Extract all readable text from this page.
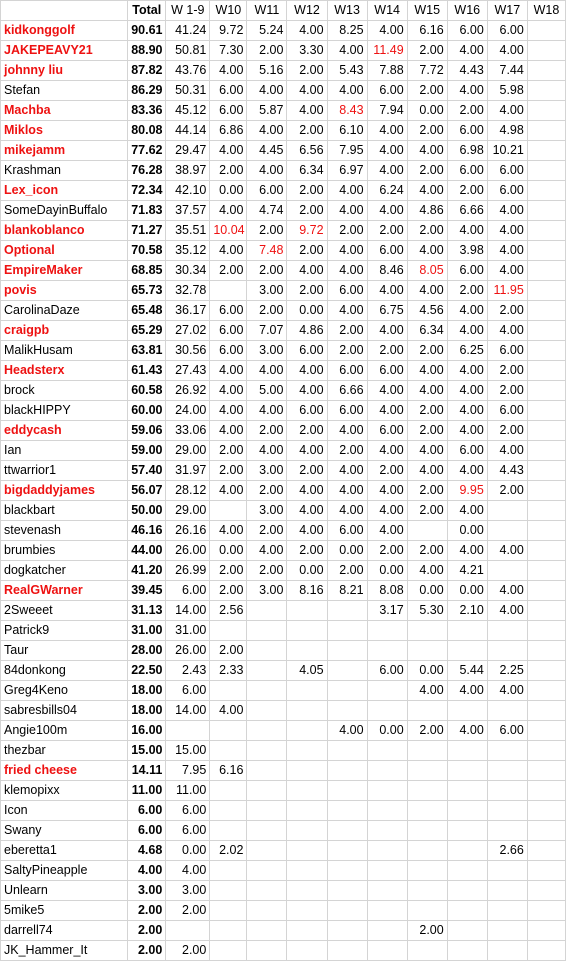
	Total	W 1-9	W10	W11	W12	W13	W14	W15	W16	W17	W18
kidkonggolf	90.61	41.24	9.72	5.24	4.00	8.25	4.00	6.16	6.00	6.00	
JAKEPEAVY21	88.90	50.81	7.30	2.00	3.30	4.00	11.49	2.00	4.00	4.00	
johnny liu	87.82	43.76	4.00	5.16	2.00	5.43	7.88	7.72	4.43	7.44	
Stefan	86.29	50.31	6.00	4.00	4.00	4.00	6.00	2.00	4.00	5.98	
Machba	83.36	45.12	6.00	5.87	4.00	8.43	7.94	0.00	2.00	4.00	
Miklos	80.08	44.14	6.86	4.00	2.00	6.10	4.00	2.00	6.00	4.98	
mikejamm	77.62	29.47	4.00	4.45	6.56	7.95	4.00	4.00	6.98	10.21	
Krashman	76.28	38.97	2.00	4.00	6.34	6.97	4.00	2.00	6.00	6.00	
Lex_icon	72.34	42.10	0.00	6.00	2.00	4.00	6.24	4.00	2.00	6.00	
SomeDayinBuffalo	71.83	37.57	4.00	4.74	2.00	4.00	4.00	4.86	6.66	4.00	
blankoblanco	71.27	35.51	10.04	2.00	9.72	2.00	2.00	2.00	4.00	4.00	
Optional	70.58	35.12	4.00	7.48	2.00	4.00	6.00	4.00	3.98	4.00	
EmpireMaker	68.85	30.34	2.00	2.00	4.00	4.00	8.46	8.05	6.00	4.00	
povis	65.73	32.78		3.00	2.00	6.00	4.00	4.00	2.00	11.95	
CarolinaDaze	65.48	36.17	6.00	2.00	0.00	4.00	6.75	4.56	4.00	2.00	
craigpb	65.29	27.02	6.00	7.07	4.86	2.00	4.00	6.34	4.00	4.00	
MalikHusam	63.81	30.56	6.00	3.00	6.00	2.00	2.00	2.00	6.25	6.00	
Headsterx	61.43	27.43	4.00	4.00	4.00	6.00	6.00	4.00	4.00	2.00	
brock	60.58	26.92	4.00	5.00	4.00	6.66	4.00	4.00	4.00	2.00	
blackHIPPY	60.00	24.00	4.00	4.00	6.00	6.00	4.00	2.00	4.00	6.00	
eddycash	59.06	33.06	4.00	2.00	2.00	4.00	6.00	2.00	4.00	2.00	
Ian	59.00	29.00	2.00	4.00	4.00	2.00	4.00	4.00	6.00	4.00	
ttwarrior1	57.40	31.97	2.00	3.00	2.00	4.00	2.00	4.00	4.00	4.43	
bigdaddyjames	56.07	28.12	4.00	2.00	4.00	4.00	4.00	2.00	9.95	2.00	
blackbart	50.00	29.00		3.00	4.00	4.00	4.00	2.00	4.00		
stevenash	46.16	26.16	4.00	2.00	4.00	6.00	4.00		0.00		
brumbies	44.00	26.00	0.00	4.00	2.00	0.00	2.00	2.00	4.00	4.00	
dogkatcher	41.20	26.99	2.00	2.00	0.00	2.00	0.00	4.00	4.21		
RealGWarner	39.45	6.00	2.00	3.00	8.16	8.21	8.08	0.00	0.00	4.00	
2Sweeet	31.13	14.00	2.56				3.17	5.30	2.10	4.00	
Patrick9	31.00	31.00									
Taur	28.00	26.00	2.00								
84donkong	22.50	2.43	2.33		4.05		6.00	0.00	5.44	2.25	
Greg4Keno	18.00	6.00						4.00	4.00	4.00	
sabresbills04	18.00	14.00	4.00								
Angie100m	16.00					4.00	0.00	2.00	4.00	6.00	
thezbar	15.00	15.00									
fried cheese	14.11	7.95	6.16								
klemopixx	11.00	11.00									
Icon	6.00	6.00									
Swany	6.00	6.00									
eberetta1	4.68	0.00	2.02							2.66	
SaltyPineapple	4.00	4.00									
Unlearn	3.00	3.00									
5mike5	2.00	2.00									
darrell74	2.00							2.00			
JK_Hammer_It	2.00	2.00									
